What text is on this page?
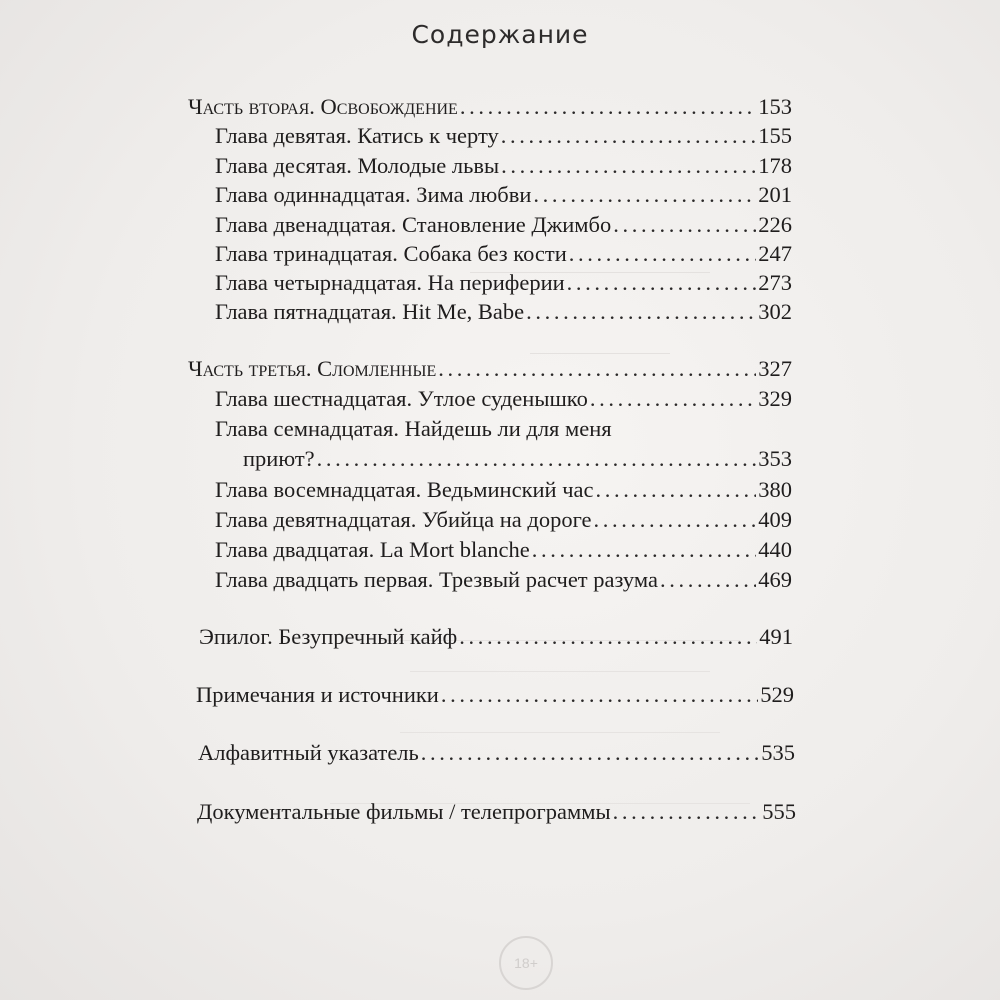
Содержание
Часть вторая. Освобождение . . .	153
Глава девятая. Катись к черту . . .	155
Глава десятая. Молодые львы . . .	178
Глава одиннадцатая. Зима любви . . .	201
Глава двенадцатая. Становление Джимбо . . .	226
Глава тринадцатая. Собака без кости . . .	247
Глава четырнадцатая. На периферии . . .	273
Глава пятнадцатая. Hit Me, Babe . . .	302
Часть третья. Сломленные . . .	327
Глава шестнадцатая. Утлое суденышко . . .	329
Глава семнадцатая. Найдешь ли для меня
приют? . . .	353
Глава восемнадцатая. Ведьминский час . . .	380
Глава девятнадцатая. Убийца на дороге . . .	409
Глава двадцатая. La Mort blanche . . .	440
Глава двадцать первая. Трезвый расчет разума . . .	469
Эпилог. Безупречный кайф . . .	491
Примечания и источники . . .	529
Алфавитный указатель . . .	535
Документальные фильмы / телепрограммы . . .	555
18+
